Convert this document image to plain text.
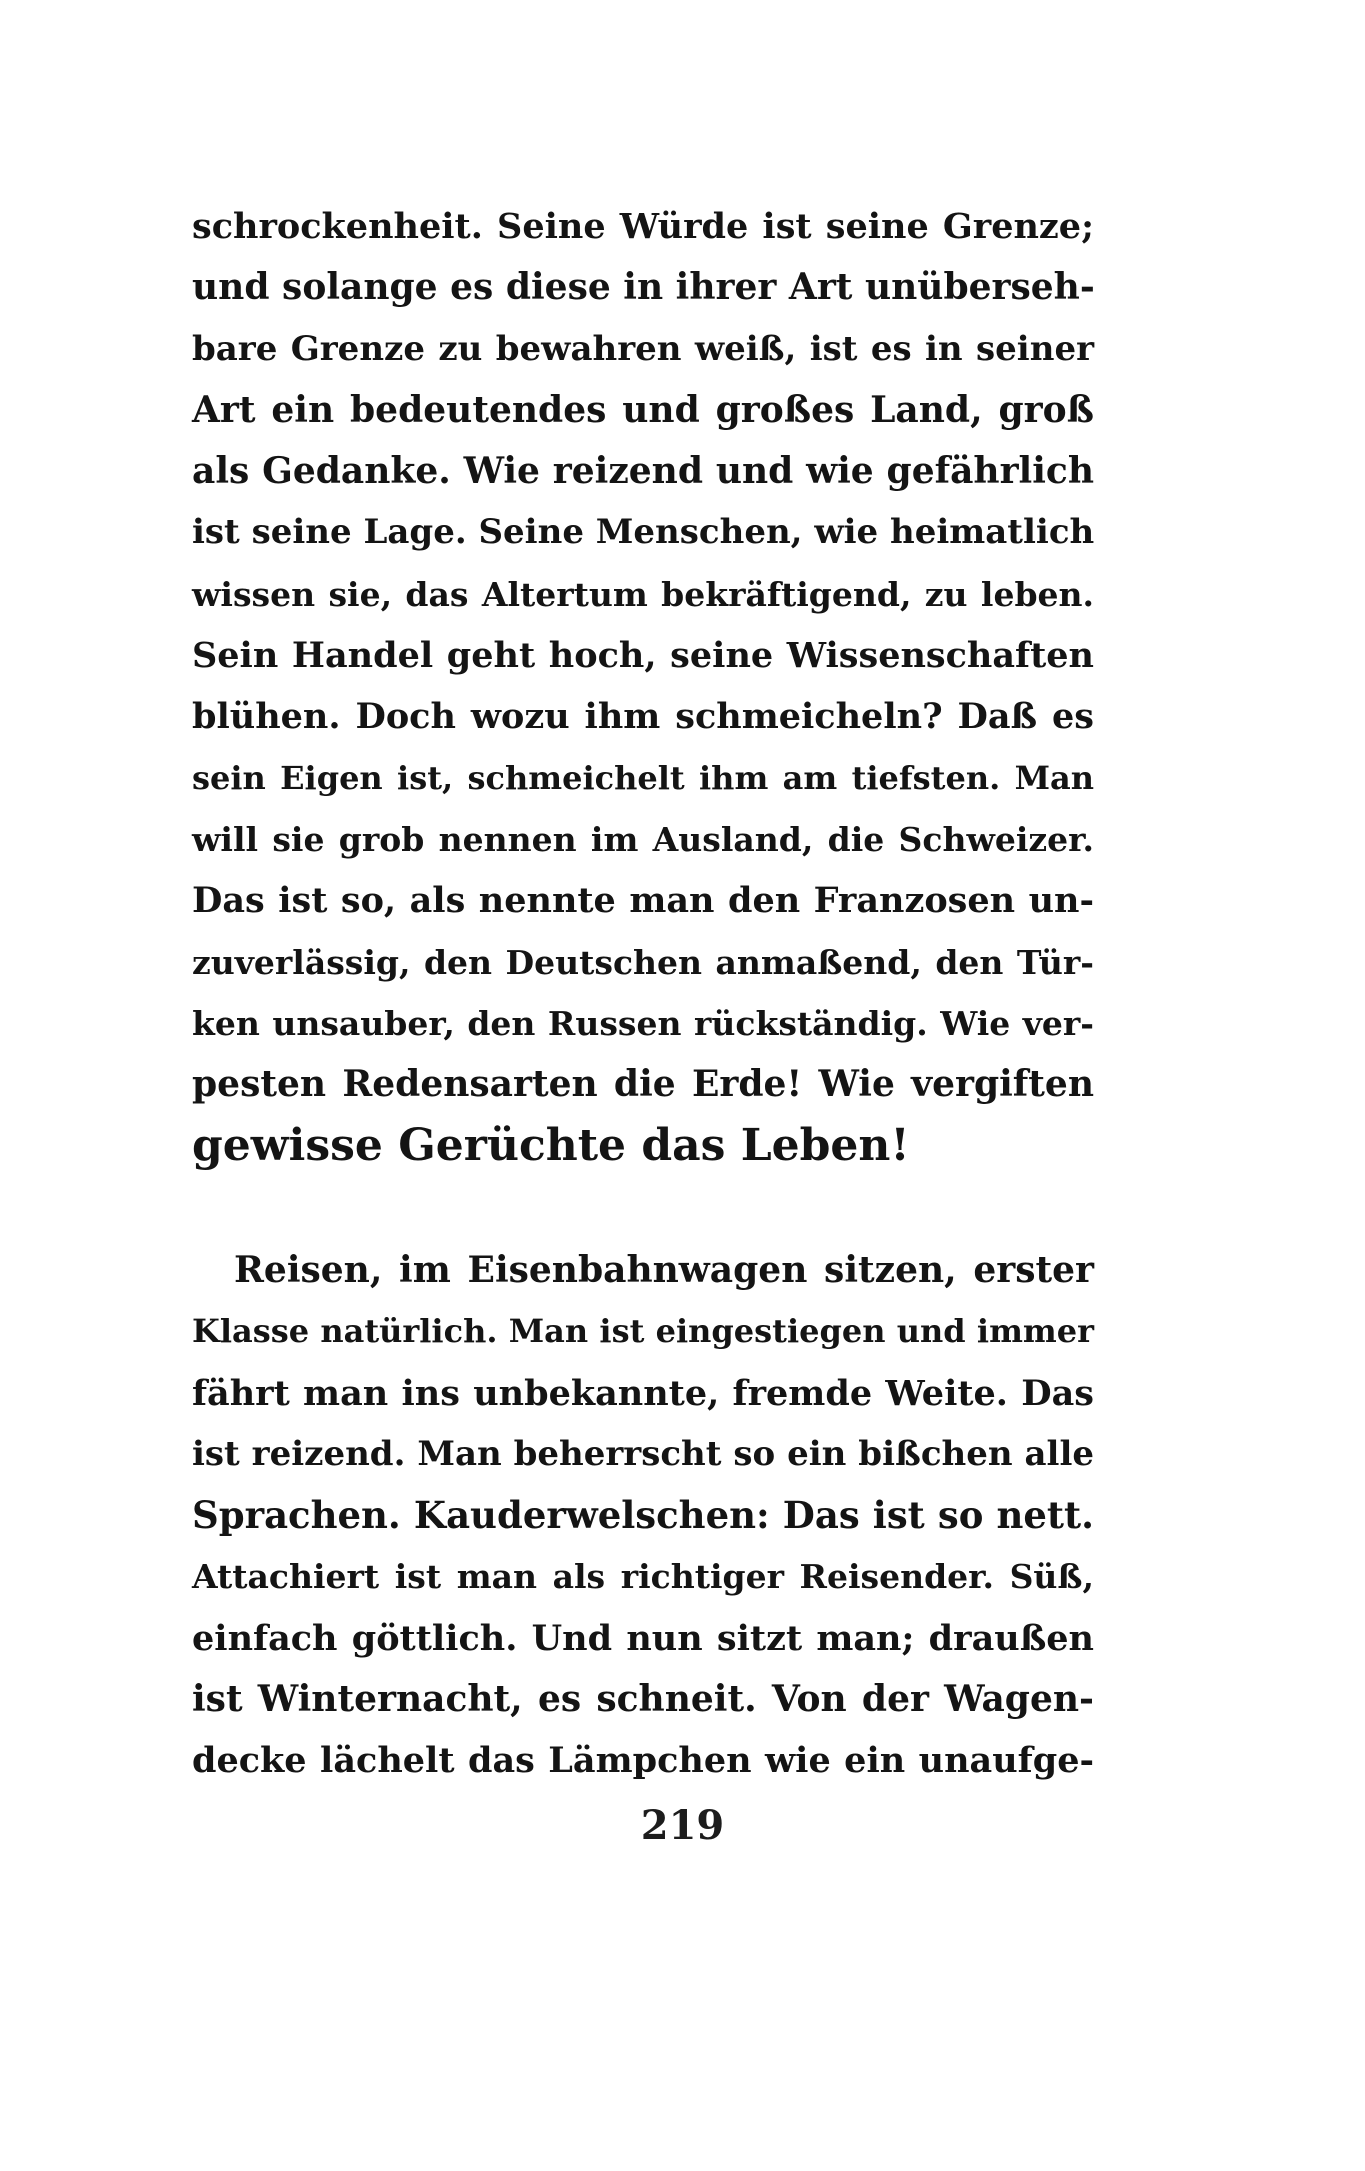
schrockenheit. Seine Würde ist seine Grenze;
und solange es diese in ihrer Art unüberseh-
bare Grenze zu bewahren weiß, ist es in seiner
Art ein bedeutendes und großes Land, groß
als Gedanke. Wie reizend und wie gefährlich
ist seine Lage. Seine Menschen, wie heimatlich
wissen sie, das Altertum bekräftigend, zu leben.
Sein Handel geht hoch, seine Wissenschaften
blühen. Doch wozu ihm schmeicheln? Daß es
sein Eigen ist, schmeichelt ihm am tiefsten. Man
will sie grob nennen im Ausland, die Schweizer.
Das ist so, als nennte man den Franzosen un-
zuverlässig, den Deutschen anmaßend, den Tür-
ken unsauber, den Russen rückständig. Wie ver-
pesten Redensarten die Erde! Wie vergiften
gewisse Gerüchte das Leben!
Reisen, im Eisenbahnwagen sitzen, erster
Klasse natürlich. Man ist eingestiegen und immer
fährt man ins unbekannte, fremde Weite. Das
ist reizend. Man beherrscht so ein bißchen alle
Sprachen. Kauderwelschen: Das ist so nett.
Attachiert ist man als richtiger Reisender. Süß,
einfach göttlich. Und nun sitzt man; draußen
ist Winternacht, es schneit. Von der Wagen-
decke lächelt das Lämpchen wie ein unaufge-
219
